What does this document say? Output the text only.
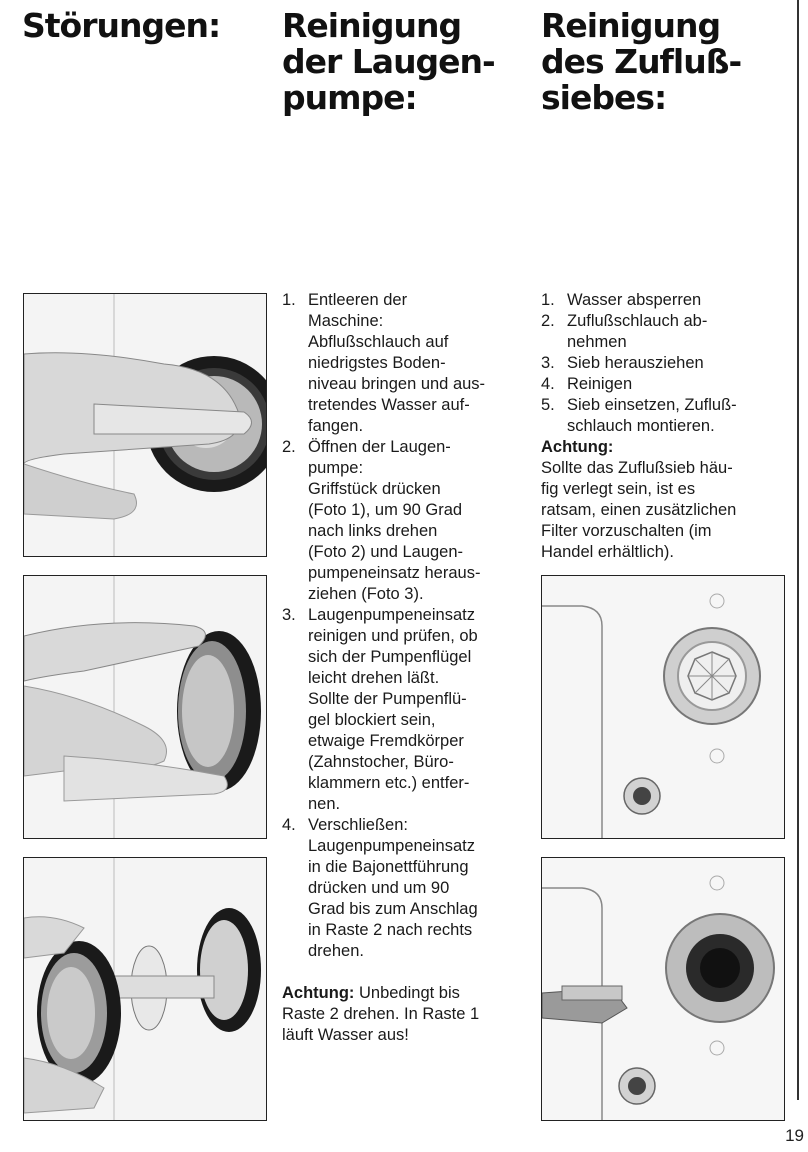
Störungen: Reinigung
der Laugen-
pumpe:
Reinigung
des Zufluß-
siebes:
1. Entleeren der
Maschine:
Abflußschlauch auf
niedrigstes Boden-
niveau bringen und aus-
tretendes Wasser auf-
fangen.
2. Öffnen der Laugen-
pumpe:
Griffstück drücken
(Foto 1), um 90 Grad
nach links drehen
(Foto 2) und Laugen-
pumpeneinsatz heraus-
ziehen (Foto 3).
3. Laugenpumpeneinsatz
reinigen und prüfen, ob
sich der Pumpenflügel
leicht drehen läßt.
Sollte der Pumpenflü-
gel blockiert sein,
etwaige Fremdkörper
(Zahnstocher, Büro-
klammern etc.) entfer-
nen.
4. Verschließen:
Laugenpumpeneinsatz
in die Bajonettführung
drücken und um 90
Grad bis zum Anschlag
in Raste 2 nach rechts
drehen.
Achtung: Unbedingt bis
Raste 2 drehen. In Raste 1
läuft Wasser aus!
1. Wasser absperren
2. Zuflußschlauch ab-
nehmen
3. Sieb herausziehen
4. Reinigen
5. Sieb einsetzen, Zufluß-
schlauch montieren.
Achtung:
Sollte das Zuflußsieb häu-
fig verlegt sein, ist es
ratsam, einen zusätzlichen
Filter vorzuschalten (im
Handel erhältlich).
19
